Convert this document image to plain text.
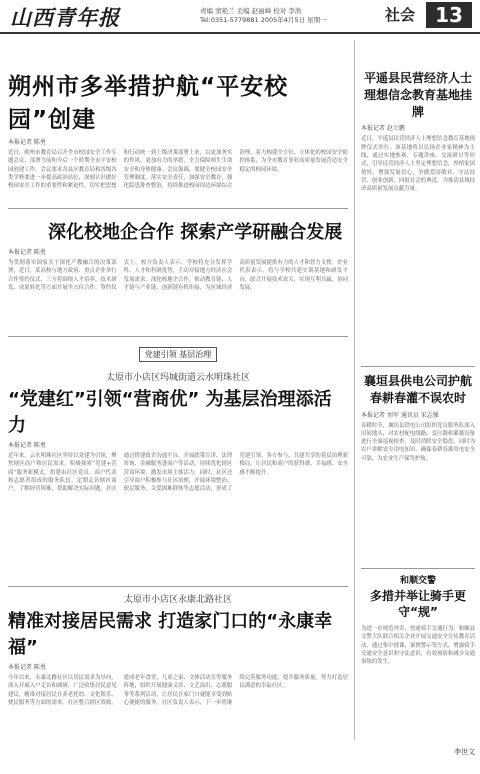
山西青年报	责编 窦艳兰 美编 赵丽峰 校对 李浩
Tel:0351-5779881 2005年4月5日 星期一	社会	13
朔州市多举措护航“平安校园”创建
本报记者 陈勇
近日，朔州市教育局召开全市校园安全工作专题会议，部署当前和今后一个时期全市平安校园创建工作。会议要求各县区教育局和各级各类学校要进一步提高政治站位，深刻认识做好校园安全工作的重要性和紧迫性，切实把思想和行动统一到上级决策部署上来，以更加务实的作风、更加有力的举措，全力保障师生生命安全和身体健康。会议强调，要健全校园安全管理制度，落实安全责任，加强安全教育，强化隐患排查整治，持续推进校园周边环境综合治理，着力构建全方位、立体化的校园安全防控体系，为全市教育事业高质量发展营造安全稳定的校园环境。
深化校地企合作 探索产学研融合发展
本报记者 陈勇
为贯彻落实国家关于深化产教融合的决策部署，近日，某高校与地方政府、重点企业举行合作签约仪式，三方将围绕人才培养、技术研发、成果转化等方面开展全方位合作。签约仪式上，校方负责人表示，学校将充分发挥学科、人才和科研优势，主动对接地方经济社会发展需求，深化校地企合作，推动教育链、人才链与产业链、创新链有机衔接，为区域经济高质量发展提供有力的人才和智力支撑。企业代表表示，将与学校共建实训基地和研发平台，联合开展技术攻关，实现互利共赢、协同发展。
党建引领 基层治理
太原市小店区玛城街道云水明珠社区
“党建红”引领“营商优” 为基层治理添活力
本报记者 陈勇
近年来，云水明珠社区坚持以党建为引领，聚焦辖区商户和居民需求，积极探索“党建+营商”服务新模式，组建由社区党员、商户代表和志愿者组成的服务队伍，定期走访辖区商户，了解经营困难，帮助解决实际问题。社区通过搭建政企沟通平台，开展政策宣讲、法律咨询、金融服务进商户等活动，持续优化辖区营商环境，激发市场主体活力。同时，社区还引导商户积极参与社区治理，开展环境整治、便民服务、关爱困难群体等志愿活动，形成了党建引领、多方参与、共建共享的基层治理新格局，让居民和商户的获得感、幸福感、安全感不断提升。
太原市小店区永康北路社区
精准对接居民需求 打造家门口的“永康幸福”
本报记者 陈勇
今年以来，永康北路社区以居民需求为导向，深入开展入户走访和调研，广泛收集居民意见建议，精准对接居民在养老托幼、文化娱乐、便民服务等方面的需求。社区整合辖区资源，建成老年食堂、儿童之家、文体活动室等服务阵地，组织开展健康义诊、文艺演出、志愿服务等系列活动，让居民在家门口就能享受到贴心便捷的服务。社区负责人表示，下一步将继续完善服务功能，提升服务质量，努力打造居民满意的幸福社区。
平遥县民营经济人士理想信念教育基地挂牌
本报记者 赵立鹏
近日，平遥县民营经济人士理想信念教育基地揭牌仪式举行。该基地将以弘扬企业家精神为主线，通过实地参观、专题讲座、交流研讨等形式，引导民营经济人士坚定理想信念，厚植家国情怀，增强发展信心，争做爱国敬业、守法经营、创业创新、回报社会的典范，为推动县域经济高质量发展贡献力量。
襄垣县供电公司护航春耕春灌不误农时
本报记者 刘军 通讯员 宋志强
春耕时节，襄垣县供电公司组织党员服务队深入田间地头，对农村配电线路、变压器和灌溉设备进行全面巡视检查，及时消除安全隐患，同时为农户讲解安全用电知识，确保春耕春灌用电安全可靠，为农业生产保驾护航。
和顺交警
多措并举让骑手更守“规”
为进一步规范外卖、快递骑手交通行为，和顺县交警大队联合相关企业开展交通安全宣传教育活动，通过集中授课、案例警示等方式，增强骑手交通安全意识和守法意识，有效预防和减少交通事故的发生。
李世文
